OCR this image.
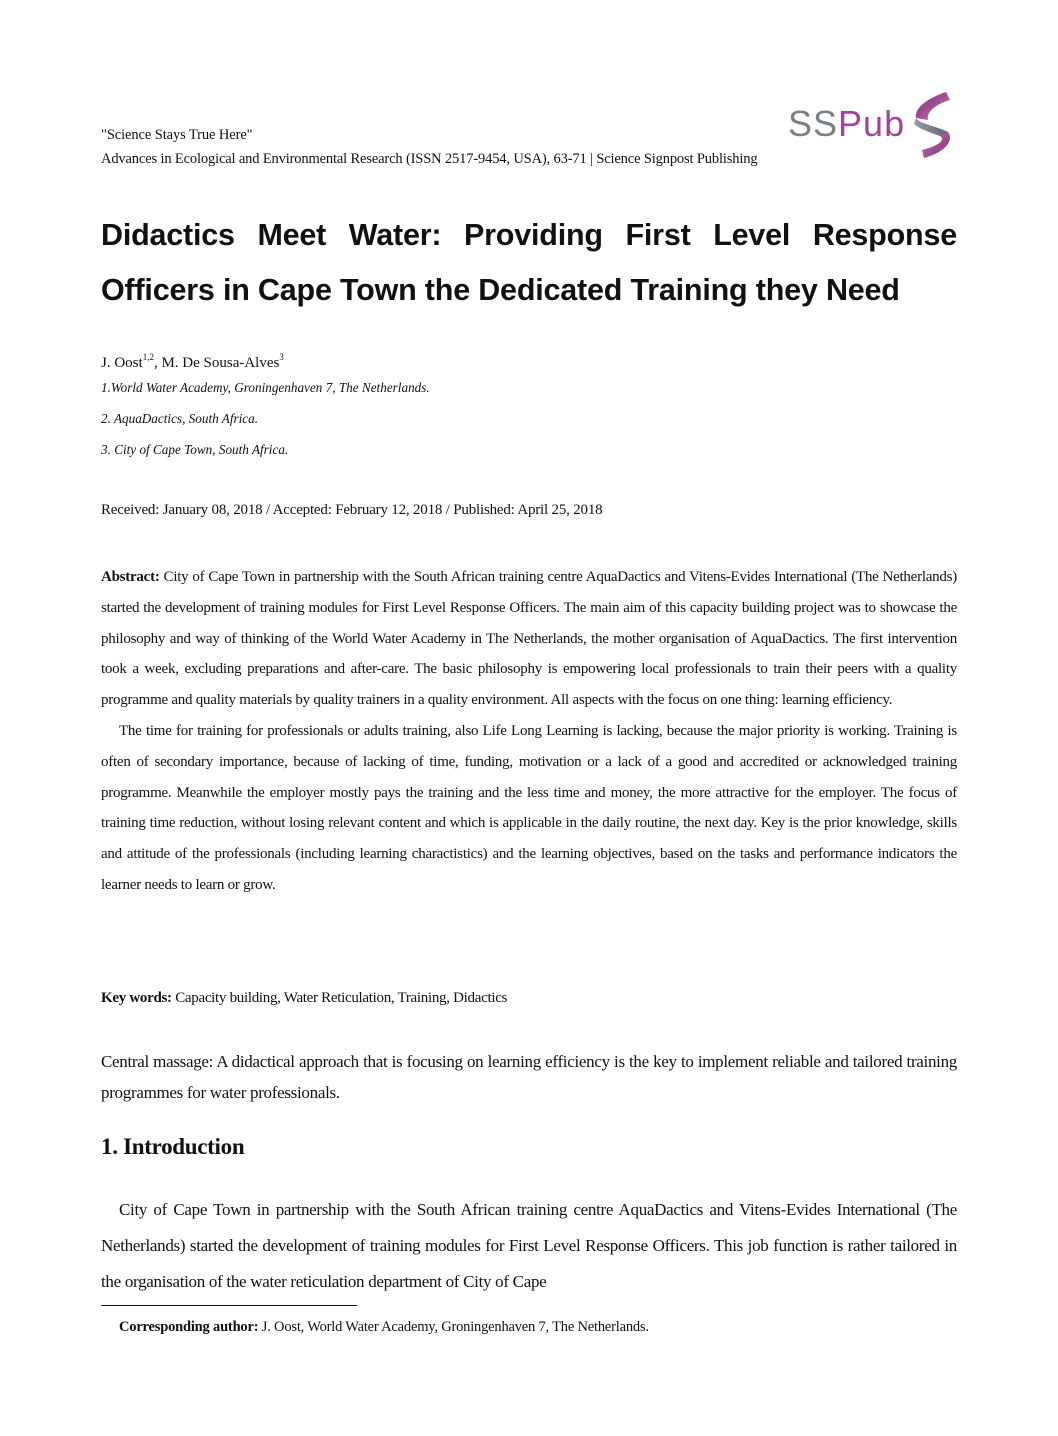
"Science Stays True Here"
Advances in Ecological and Environmental Research (ISSN 2517-9454, USA), 63-71 | Science Signpost Publishing
SSPub
Didactics Meet Water: Providing First Level Response
Officers in Cape Town the Dedicated Training they Need
J. Oost$^{1,2}$, M. De Sousa-Alves$^3$
1.World Water Academy, Groningenhaven 7, The Netherlands.
2. AquaDactics, South Africa.
3. City of Cape Town, South Africa.
Received: January 08, 2018 / Accepted: February 12, 2018 / Published: April 25, 2018

Abstract: City of Cape Town in partnership with the South African training centre AquaDactics and Vitens-Evides International (The Netherlands) started the development of training modules for First Level Response Officers. The main aim of this capacity building project was to showcase the philosophy and way of thinking of the World Water Academy in The Netherlands, the mother organisation of AquaDactics. The first intervention took a week, excluding preparations and after-care. The basic philosophy is empowering local professionals to train their peers with a quality programme and quality materials by quality trainers in a quality environment. All aspects with the focus on one thing: learning efficiency.

The time for training for professionals or adults training, also Life Long Learning is lacking, because the major priority is working. Training is often of secondary importance, because of lacking of time, funding, motivation or a lack of a good and accredited or acknowledged training programme. Meanwhile the employer mostly pays the training and the less time and money, the more attractive for the employer. The focus of training time reduction, without losing relevant content and which is applicable in the daily routine, the next day. Key is the prior knowledge, skills and attitude of the professionals (including learning charactistics) and the learning objectives, based on the tasks and performance indicators the learner needs to learn or grow.

Key words: Capacity building, Water Reticulation, Training, Didactics
Central massage: A didactical approach that is focusing on learning efficiency is the key to implement reliable and tailored training programmes for water professionals.
1. Introduction

City of Cape Town in partnership with the South African training centre AquaDactics and Vitens-Evides International (The Netherlands) started the development of training modules for First Level Response Officers. This job function is rather tailored in the organisation of the water reticulation department of City of Cape

Corresponding author: J. Oost, World Water Academy, Groningenhaven 7, The Netherlands.
